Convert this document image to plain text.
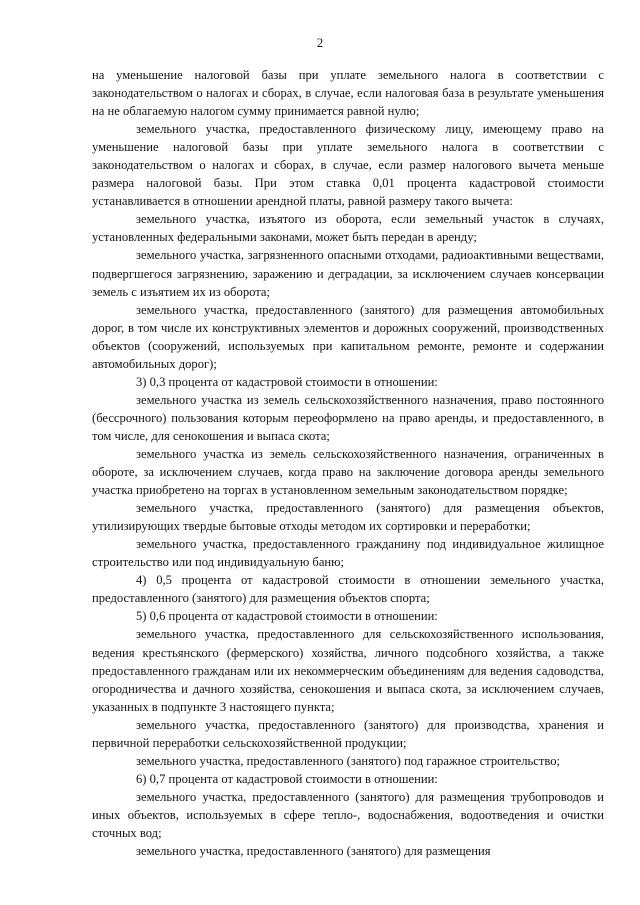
2

на уменьшение налоговой базы при уплате земельного налога в соответствии с законодательством о налогах и сборах, в случае, если налоговая база в результате уменьшения на не облагаемую налогом сумму принимается равной нулю;

земельного участка, предоставленного физическому лицу, имеющему право на уменьшение налоговой базы при уплате земельного налога в соответствии с законодательством о налогах и сборах, в случае, если размер налогового вычета меньше размера налоговой базы. При этом ставка 0,01 процента кадастровой стоимости устанавливается в отношении арендной платы, равной размеру такого вычета:

земельного участка, изъятого из оборота, если земельный участок в случаях, установленных федеральными законами, может быть передан в аренду;

земельного участка, загрязненного опасными отходами, радиоактивными веществами, подвергшегося загрязнению, заражению и деградации, за исключением случаев консервации земель с изъятием их из оборота;

земельного участка, предоставленного (занятого) для размещения автомобильных дорог, в том числе их конструктивных элементов и дорожных сооружений, производственных объектов (сооружений, используемых при капитальном ремонте, ремонте и содержании автомобильных дорог);

3) 0,3 процента от кадастровой стоимости в отношении:

земельного участка из земель сельскохозяйственного назначения, право постоянного (бессрочного) пользования которым переоформлено на право аренды, и предоставленного, в том числе, для сенокошения и выпаса скота;

земельного участка из земель сельскохозяйственного назначения, ограниченных в обороте, за исключением случаев, когда право на заключение договора аренды земельного участка приобретено на торгах в установленном земельным законодательством порядке;

земельного участка, предоставленного (занятого) для размещения объектов, утилизирующих твердые бытовые отходы методом их сортировки и переработки;

земельного участка, предоставленного гражданину под индивидуальное жилищное строительство или под индивидуальную баню;

4) 0,5 процента от кадастровой стоимости в отношении земельного участка, предоставленного (занятого) для размещения объектов спорта;

5) 0,6 процента от кадастровой стоимости в отношении:

земельного участка, предоставленного для сельскохозяйственного использования, ведения крестьянского (фермерского) хозяйства, личного подсобного хозяйства, а также предоставленного гражданам или их некоммерческим объединениям для ведения садоводства, огородничества и дачного хозяйства, сенокошения и выпаса скота, за исключением случаев, указанных в подпункте 3 настоящего пункта;

земельного участка, предоставленного (занятого) для производства, хранения и первичной переработки сельскохозяйственной продукции;

земельного участка, предоставленного (занятого) под гаражное строительство;

6) 0,7 процента от кадастровой стоимости в отношении:

земельного участка, предоставленного (занятого) для размещения трубопроводов и иных объектов, используемых в сфере тепло-, водоснабжения, водоотведения и очистки сточных вод;

земельного участка, предоставленного (занятого) для размещения
